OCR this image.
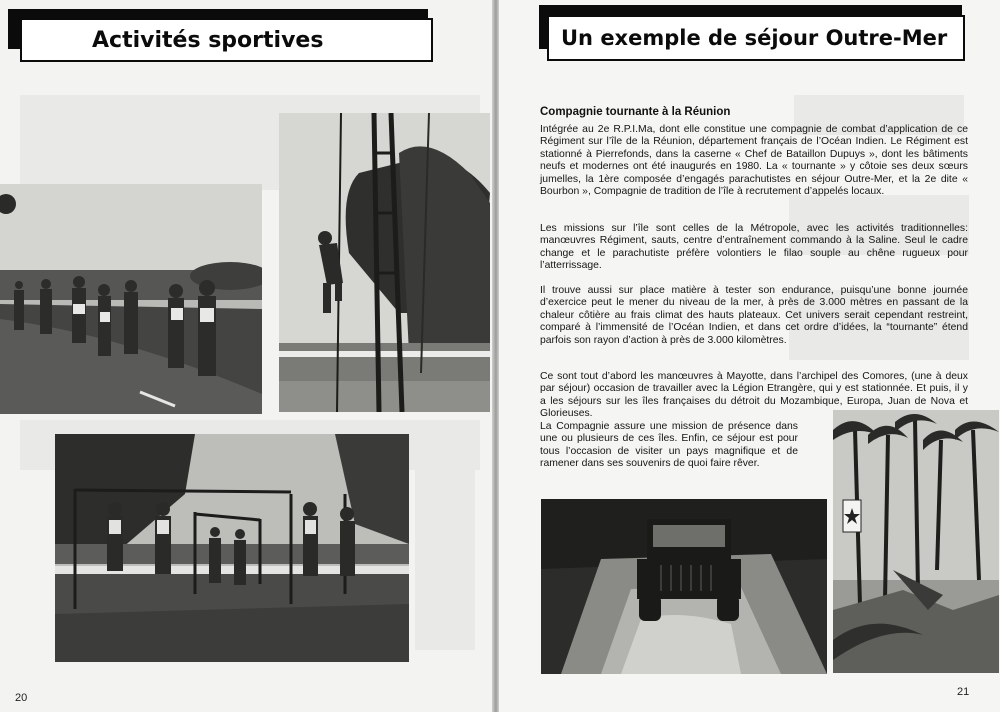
Activités sportives
20
Un exemple de séjour Outre-Mer
Compagnie tournante à la Réunion

Intégrée au 2e R.P.I.Ma, dont elle constitue une compagnie de combat d’application de ce Régiment sur l’île de la Réunion, département français de l’Océan Indien. Le Régiment est stationné à Pierrefonds, dans la caserne « Chef de Bataillon Dupuys », dont les bâtiments neufs et modernes ont été inaugurés en 1980. La « tournante » y côtoie ses deux sœurs jumelles, la 1ère composée d’engagés parachutistes en séjour Outre-Mer, et la 2e dite « Bourbon », Compagnie de tradition de l’île à recrutement d’appelés locaux.

Les missions sur l’île sont celles de la Métropole, avec les activités traditionnelles: manœuvres Régiment, sauts, centre d’entraînement commando à la Saline. Seul le cadre change et le parachutiste préfère volontiers le filao souple au chêne rugueux pour l’atterrissage.

Il trouve aussi sur place matière à tester son endurance, puisqu’une bonne journée d’exercice peut le mener du niveau de la mer, à près de 3.000 mètres en passant de la chaleur côtière au frais climat des hauts plateaux. Cet univers serait cependant restreint, comparé à l’immensité de l’Océan Indien, et dans cet ordre d’idées, la “tournante” étend parfois son rayon d’action à près de 3.000 kilomètres.

Ce sont tout d’abord les manœuvres à Mayotte, dans l’archipel des Comores, (une à deux par séjour) occasion de travailler avec la Légion Etrangère, qui y est stationnée. Et puis, il y a les séjours sur les îles françaises du détroit du Mozambique, Europa, Juan de Nova et Glorieuses.

La Compagnie assure une mission de présence dans une ou plusieurs de ces îles. Enfin, ce séjour est pour tous l’occasion de visiter un pays magnifique et de ramener dans ses souvenirs de quoi faire rêver.

21
